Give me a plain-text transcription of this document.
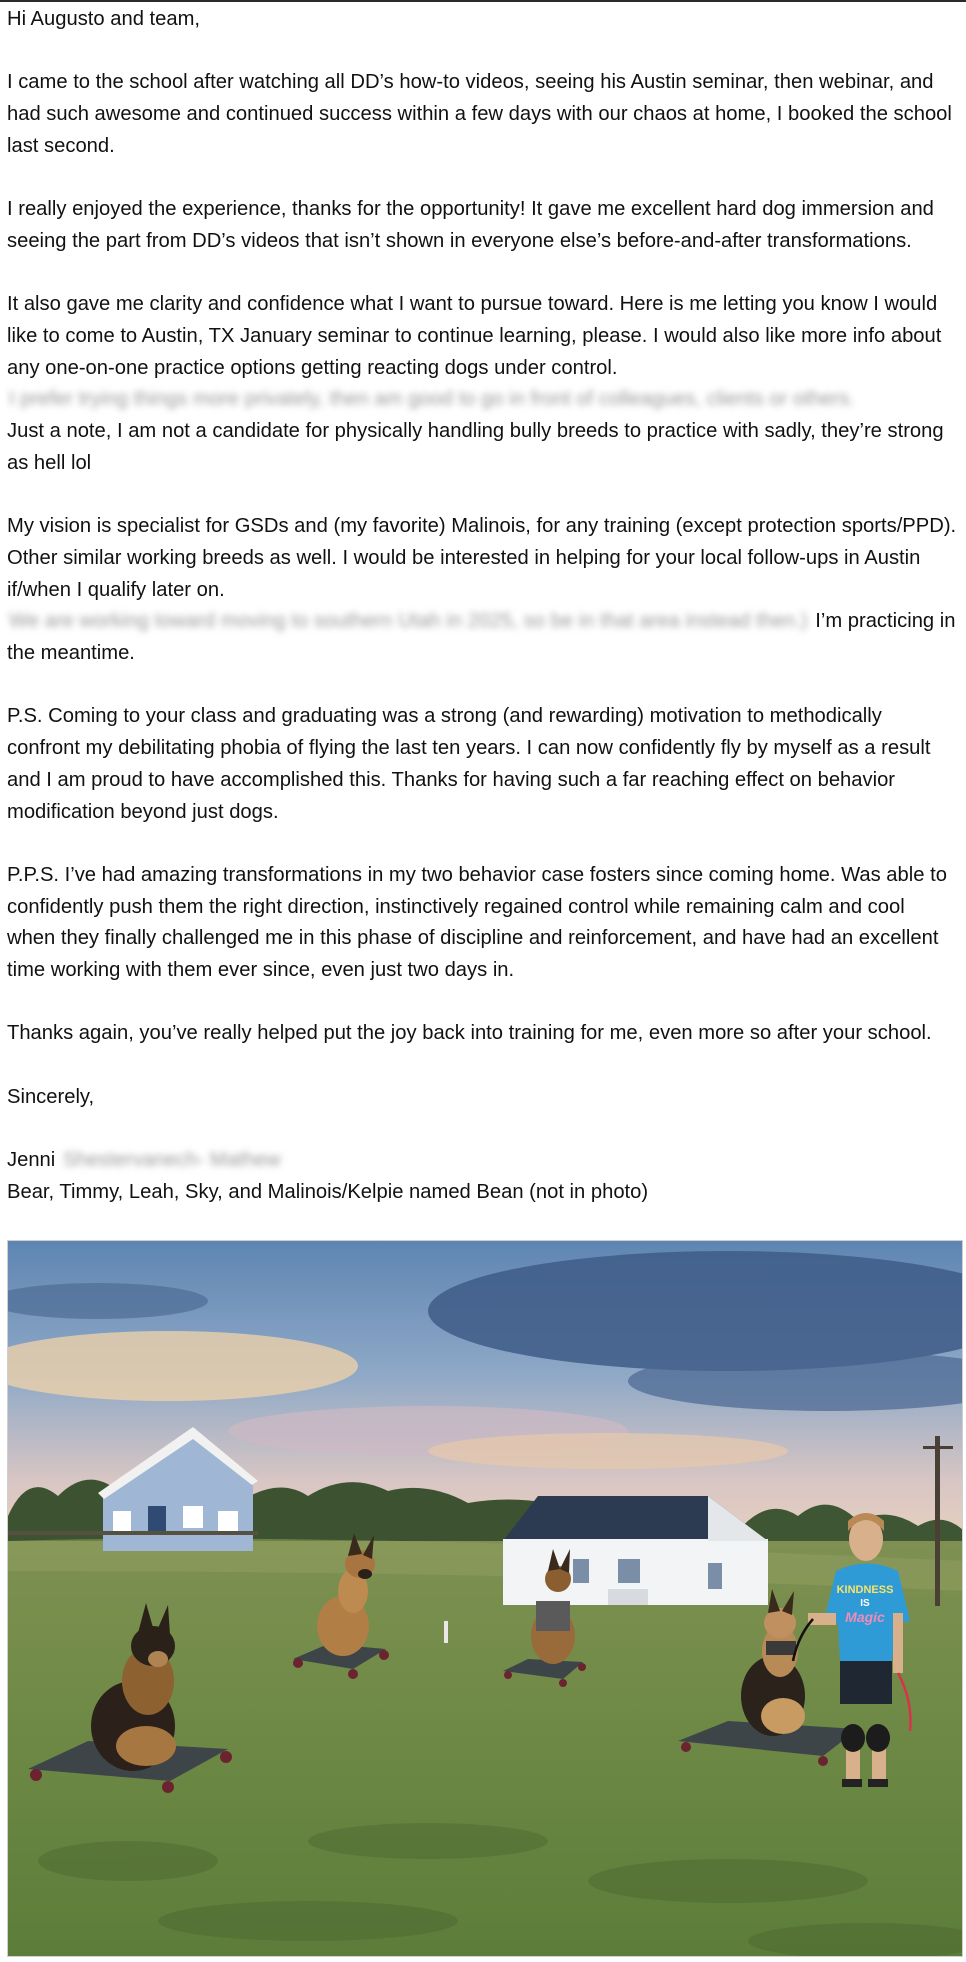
Hi Augusto and team,

I came to the school after watching all DD’s how-to videos, seeing his Austin seminar, then webinar, and had such awesome and continued success within a few days with our chaos at home, I booked the school last second.

I really enjoyed the experience, thanks for the opportunity! It gave me excellent hard dog immersion and seeing the part from DD’s videos that isn’t shown in everyone else’s before-and-after transformations.

It also gave me clarity and confidence what I want to pursue toward. Here is me letting you know I would like to come to Austin, TX January seminar to continue learning, please. I would also like more info about any one-on-one practice options getting reacting dogs under control. I prefer trying things more privately, then am good to go in front of colleagues, clients or others.

Just a note, I am not a candidate for physically handling bully breeds to practice with sadly, they’re strong as hell lol

My vision is specialist for GSDs and (my favorite) Malinois, for any training (except protection sports/PPD). Other similar working breeds as well. I would be interested in helping for your local follow-ups in Austin if/when I qualify later on. We are working toward moving to southern Utah in 2025, so be in that area instead then.) I’m practicing in the meantime.

P.S. Coming to your class and graduating was a strong (and rewarding) motivation to methodically confront my debilitating phobia of flying the last ten years. I can now confidently fly by myself as a result and I am proud to have accomplished this. Thanks for having such a far reaching effect on behavior modification beyond just dogs.

P.P.S. I’ve had amazing transformations in my two behavior case fosters since coming home. Was able to confidently push them the right direction, instinctively regained control while remaining calm and cool when they finally challenged me in this phase of discipline and reinforcement, and have had an excellent time working with them ever since, even just two days in.

Thanks again, you’ve really helped put the joy back into training for me, even more so after your school.

Sincerely,

Jenni Shestervanech- Mathew

Bear, Timmy, Leah, Sky, and Malinois/Kelpie named Bean (not in photo)

KINDNESS
IS
Magic
